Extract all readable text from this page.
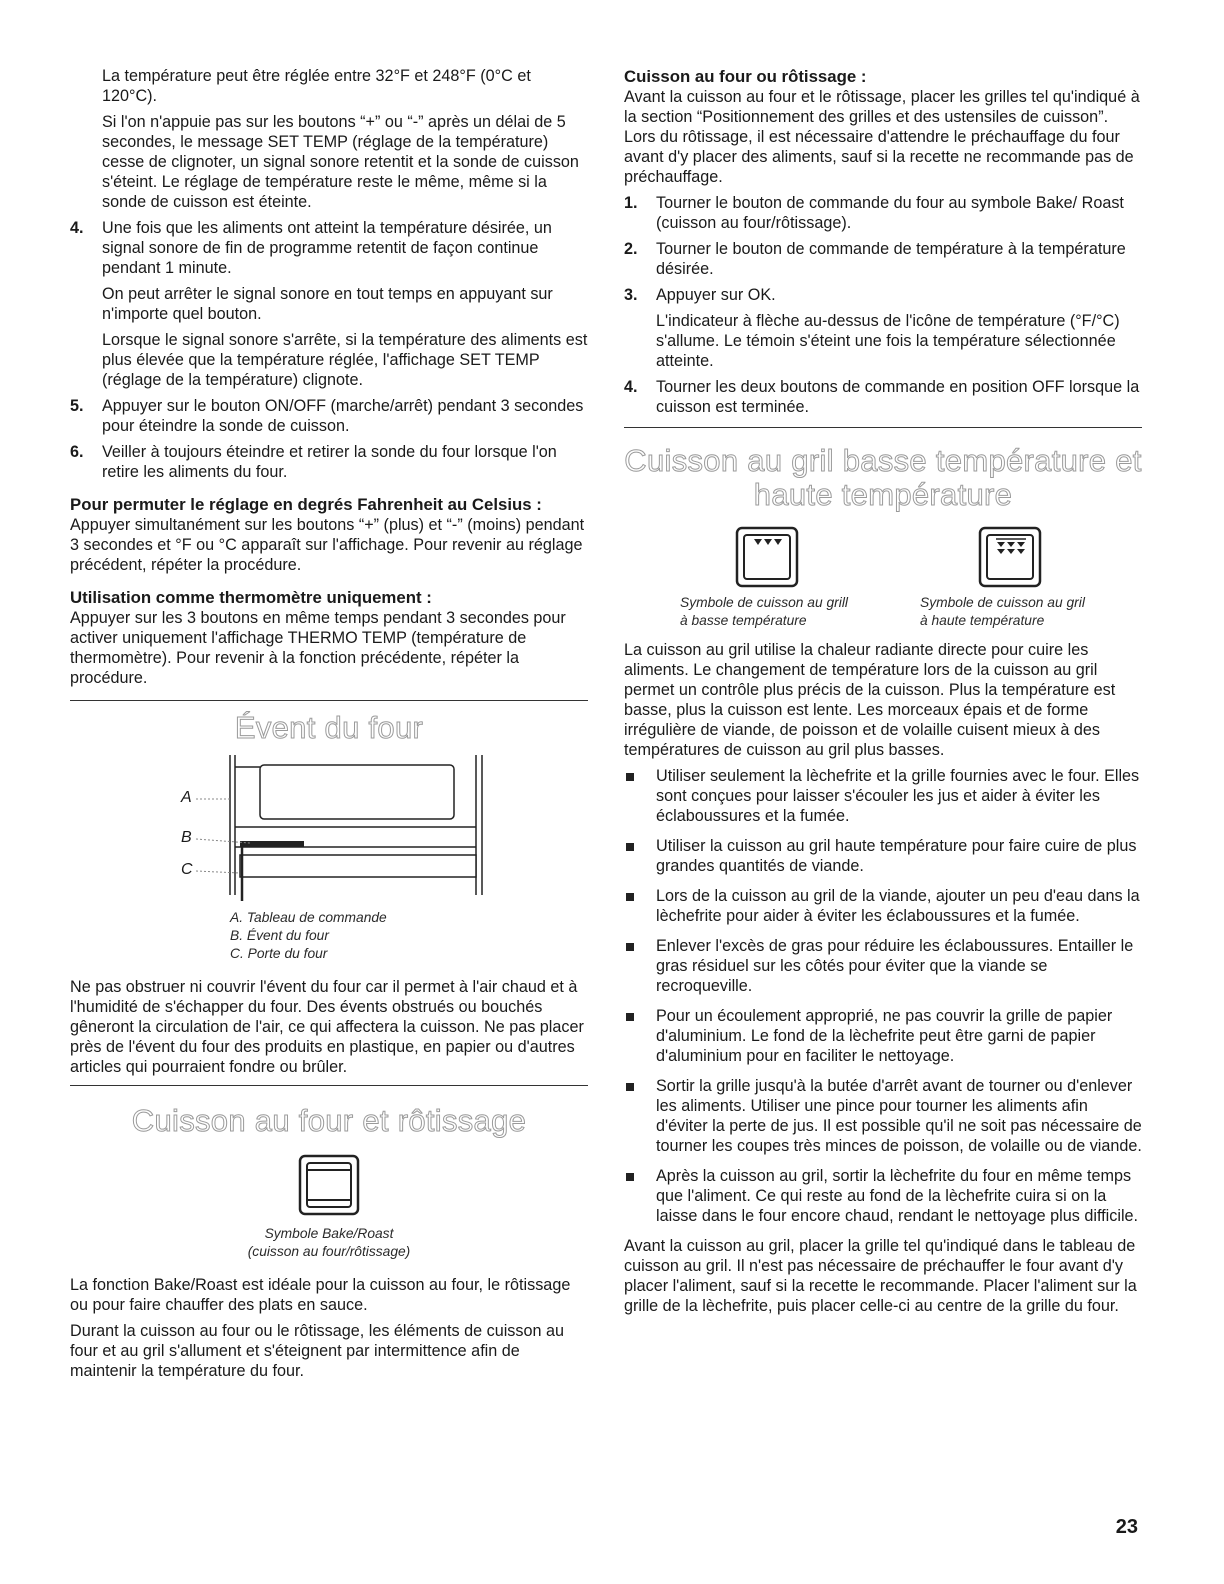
La température peut être réglée entre 32°F et 248°F (0°C et 120°C).

Si l'on n'appuie pas sur les boutons “+” ou “-” après un délai de 5 secondes, le message SET TEMP (réglage de la température) cesse de clignoter, un signal sonore retentit et la sonde de cuisson s'éteint. Le réglage de température reste le même, même si la sonde de cuisson est éteinte.

4.	Une fois que les aliments ont atteint la température désirée, un signal sonore de fin de programme retentit de façon continue pendant 1 minute.

On peut arrêter le signal sonore en tout temps en appuyant sur n'importe quel bouton.

Lorsque le signal sonore s'arrête, si la température des aliments est plus élevée que la température réglée, l'affichage SET TEMP (réglage de la température) clignote.

5.	Appuyer sur le bouton ON/OFF (marche/arrêt) pendant 3 secondes pour éteindre la sonde de cuisson.
6.	Veiller à toujours éteindre et retirer la sonde du four lorsque l'on retire les aliments du four.
Pour permuter le réglage en degrés Fahrenheit au Celsius :

Appuyer simultanément sur les boutons “+” (plus) et “-” (moins) pendant 3 secondes et °F ou °C apparaît sur l'affichage. Pour revenir au réglage précédent, répéter la procédure.

Utilisation comme thermomètre uniquement :

Appuyer sur les 3 boutons en même temps pendant 3 secondes pour activer uniquement l'affichage THERMO TEMP (température de thermomètre). Pour revenir à la fonction précédente, répéter la procédure.

Évent du four
A
B
C
A. Tableau de commande
B. Évent du four
C. Porte du four

Ne pas obstruer ni couvrir l'évent du four car il permet à l'air chaud et à l'humidité de s'échapper du four. Des évents obstrués ou bouchés gêneront la circulation de l'air, ce qui affectera la cuisson. Ne pas placer près de l'évent du four des produits en plastique, en papier ou d'autres articles qui pourraient fondre ou brûler.

Cuisson au four et rôtissage
Symbole Bake/Roast
(cuisson au four/rôtissage)

La fonction Bake/Roast est idéale pour la cuisson au four, le rôtissage ou pour faire chauffer des plats en sauce.

Durant la cuisson au four ou le rôtissage, les éléments de cuisson au four et au gril s'allument et s'éteignent par intermittence afin de maintenir la température du four.

Cuisson au four ou rôtissage :

Avant la cuisson au four et le rôtissage, placer les grilles tel qu'indiqué à la section “Positionnement des grilles et des ustensiles de cuisson”. Lors du rôtissage, il est nécessaire d'attendre le préchauffage du four avant d'y placer des aliments, sauf si la recette ne recommande pas de préchauffage.

1.	Tourner le bouton de commande du four au symbole Bake/ Roast (cuisson au four/rôtissage).
2.	Tourner le bouton de commande de température à la température désirée.
3.	Appuyer sur OK.

L'indicateur à flèche au-dessus de l'icône de température (°F/°C) s'allume. Le témoin s'éteint une fois la température sélectionnée atteinte.

4.	Tourner les deux boutons de commande en position OFF lorsque la cuisson est terminée.
Cuisson au gril basse température et
haute température
Symbole de cuisson au grill
à basse température
Symbole de cuisson au gril
à haute température

La cuisson au gril utilise la chaleur radiante directe pour cuire les aliments. Le changement de température lors de la cuisson au gril permet un contrôle plus précis de la cuisson. Plus la température est basse, plus la cuisson est lente. Les morceaux épais et de forme irrégulière de viande, de poisson et de volaille cuisent mieux à des températures de cuisson au gril plus basses.

Utiliser seulement la lèchefrite et la grille fournies avec le four. Elles sont conçues pour laisser s'écouler les jus et aider à éviter les éclaboussures et la fumée.
Utiliser la cuisson au gril haute température pour faire cuire de plus grandes quantités de viande.
Lors de la cuisson au gril de la viande, ajouter un peu d'eau dans la lèchefrite pour aider à éviter les éclaboussures et la fumée.
Enlever l'excès de gras pour réduire les éclaboussures. Entailler le gras résiduel sur les côtés pour éviter que la viande se recroqueville.
Pour un écoulement approprié, ne pas couvrir la grille de papier d'aluminium. Le fond de la lèchefrite peut être garni de papier d'aluminium pour en faciliter le nettoyage.
Sortir la grille jusqu'à la butée d'arrêt avant de tourner ou d'enlever les aliments. Utiliser une pince pour tourner les aliments afin d'éviter la perte de jus. Il est possible qu'il ne soit pas nécessaire de tourner les coupes très minces de poisson, de volaille ou de viande.
Après la cuisson au gril, sortir la lèchefrite du four en même temps que l'aliment. Ce qui reste au fond de la lèchefrite cuira si on la laisse dans le four encore chaud, rendant le nettoyage plus difficile.

Avant la cuisson au gril, placer la grille tel qu'indiqué dans le tableau de cuisson au gril. Il n'est pas nécessaire de préchauffer le four avant d'y placer l'aliment, sauf si la recette le recommande. Placer l'aliment sur la grille de la lèchefrite, puis placer celle-ci au centre de la grille du four.

23
